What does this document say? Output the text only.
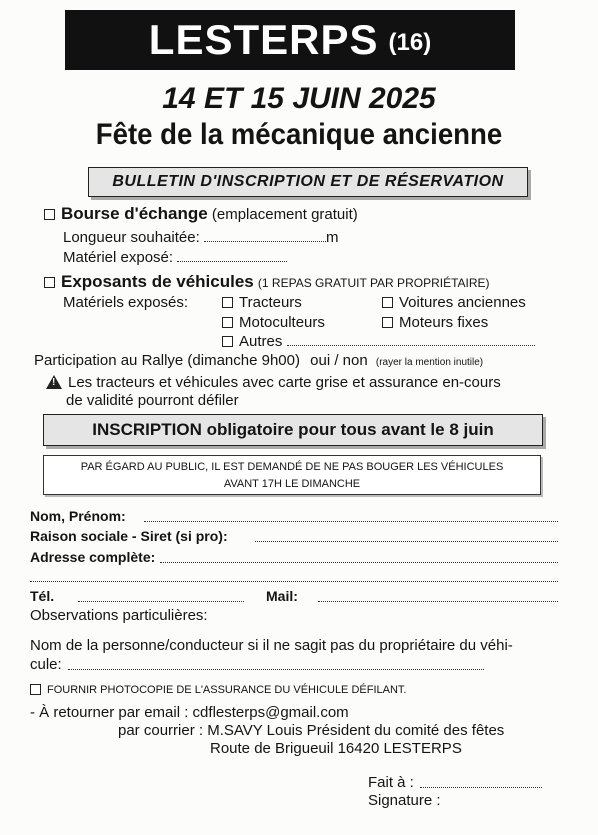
LESTERPS (16)
14 ET 15 JUIN 2025
Fête de la mécanique ancienne
BULLETIN D'INSCRIPTION ET DE RÉSERVATION
Bourse d'échange (emplacement gratuit)
Longueur souhaitée:	m
Matériel exposé:
Exposants de véhicules (1 REPAS GRATUIT PAR PROPRIÉTAIRE)
Matériels exposés:	Tracteurs	Voitures anciennes
Motoculteurs	Moteurs fixes
Autres
Participation au Rallye (dimanche 9h00) oui / non (rayer la mention inutile)
!Les tracteurs et véhicules avec carte grise et assurance en-cours
de validité pourront défiler
INSCRIPTION obligatoire pour tous avant le 8 juin
PAR ÉGARD AU PUBLIC, IL EST DEMANDÉ DE NE PAS BOUGER LES VÉHICULES
AVANT 17H LE DIMANCHE
Nom, Prénom:
Raison sociale - Siret (si pro):
Adresse complète:
Tél.	Mail:
Observations particulières:
Nom de la personne/conducteur si il ne sagit pas du propriétaire du véhi-
cule:
FOURNIR PHOTOCOPIE DE L'ASSURANCE DU VÉHICULE DÉFILANT.
- À retourner par email : cdflesterps@gmail.com
par courrier : M.SAVY Louis Président du comité des fêtes
Route de Brigueuil 16420 LESTERPS
Fait à :
Signature :
